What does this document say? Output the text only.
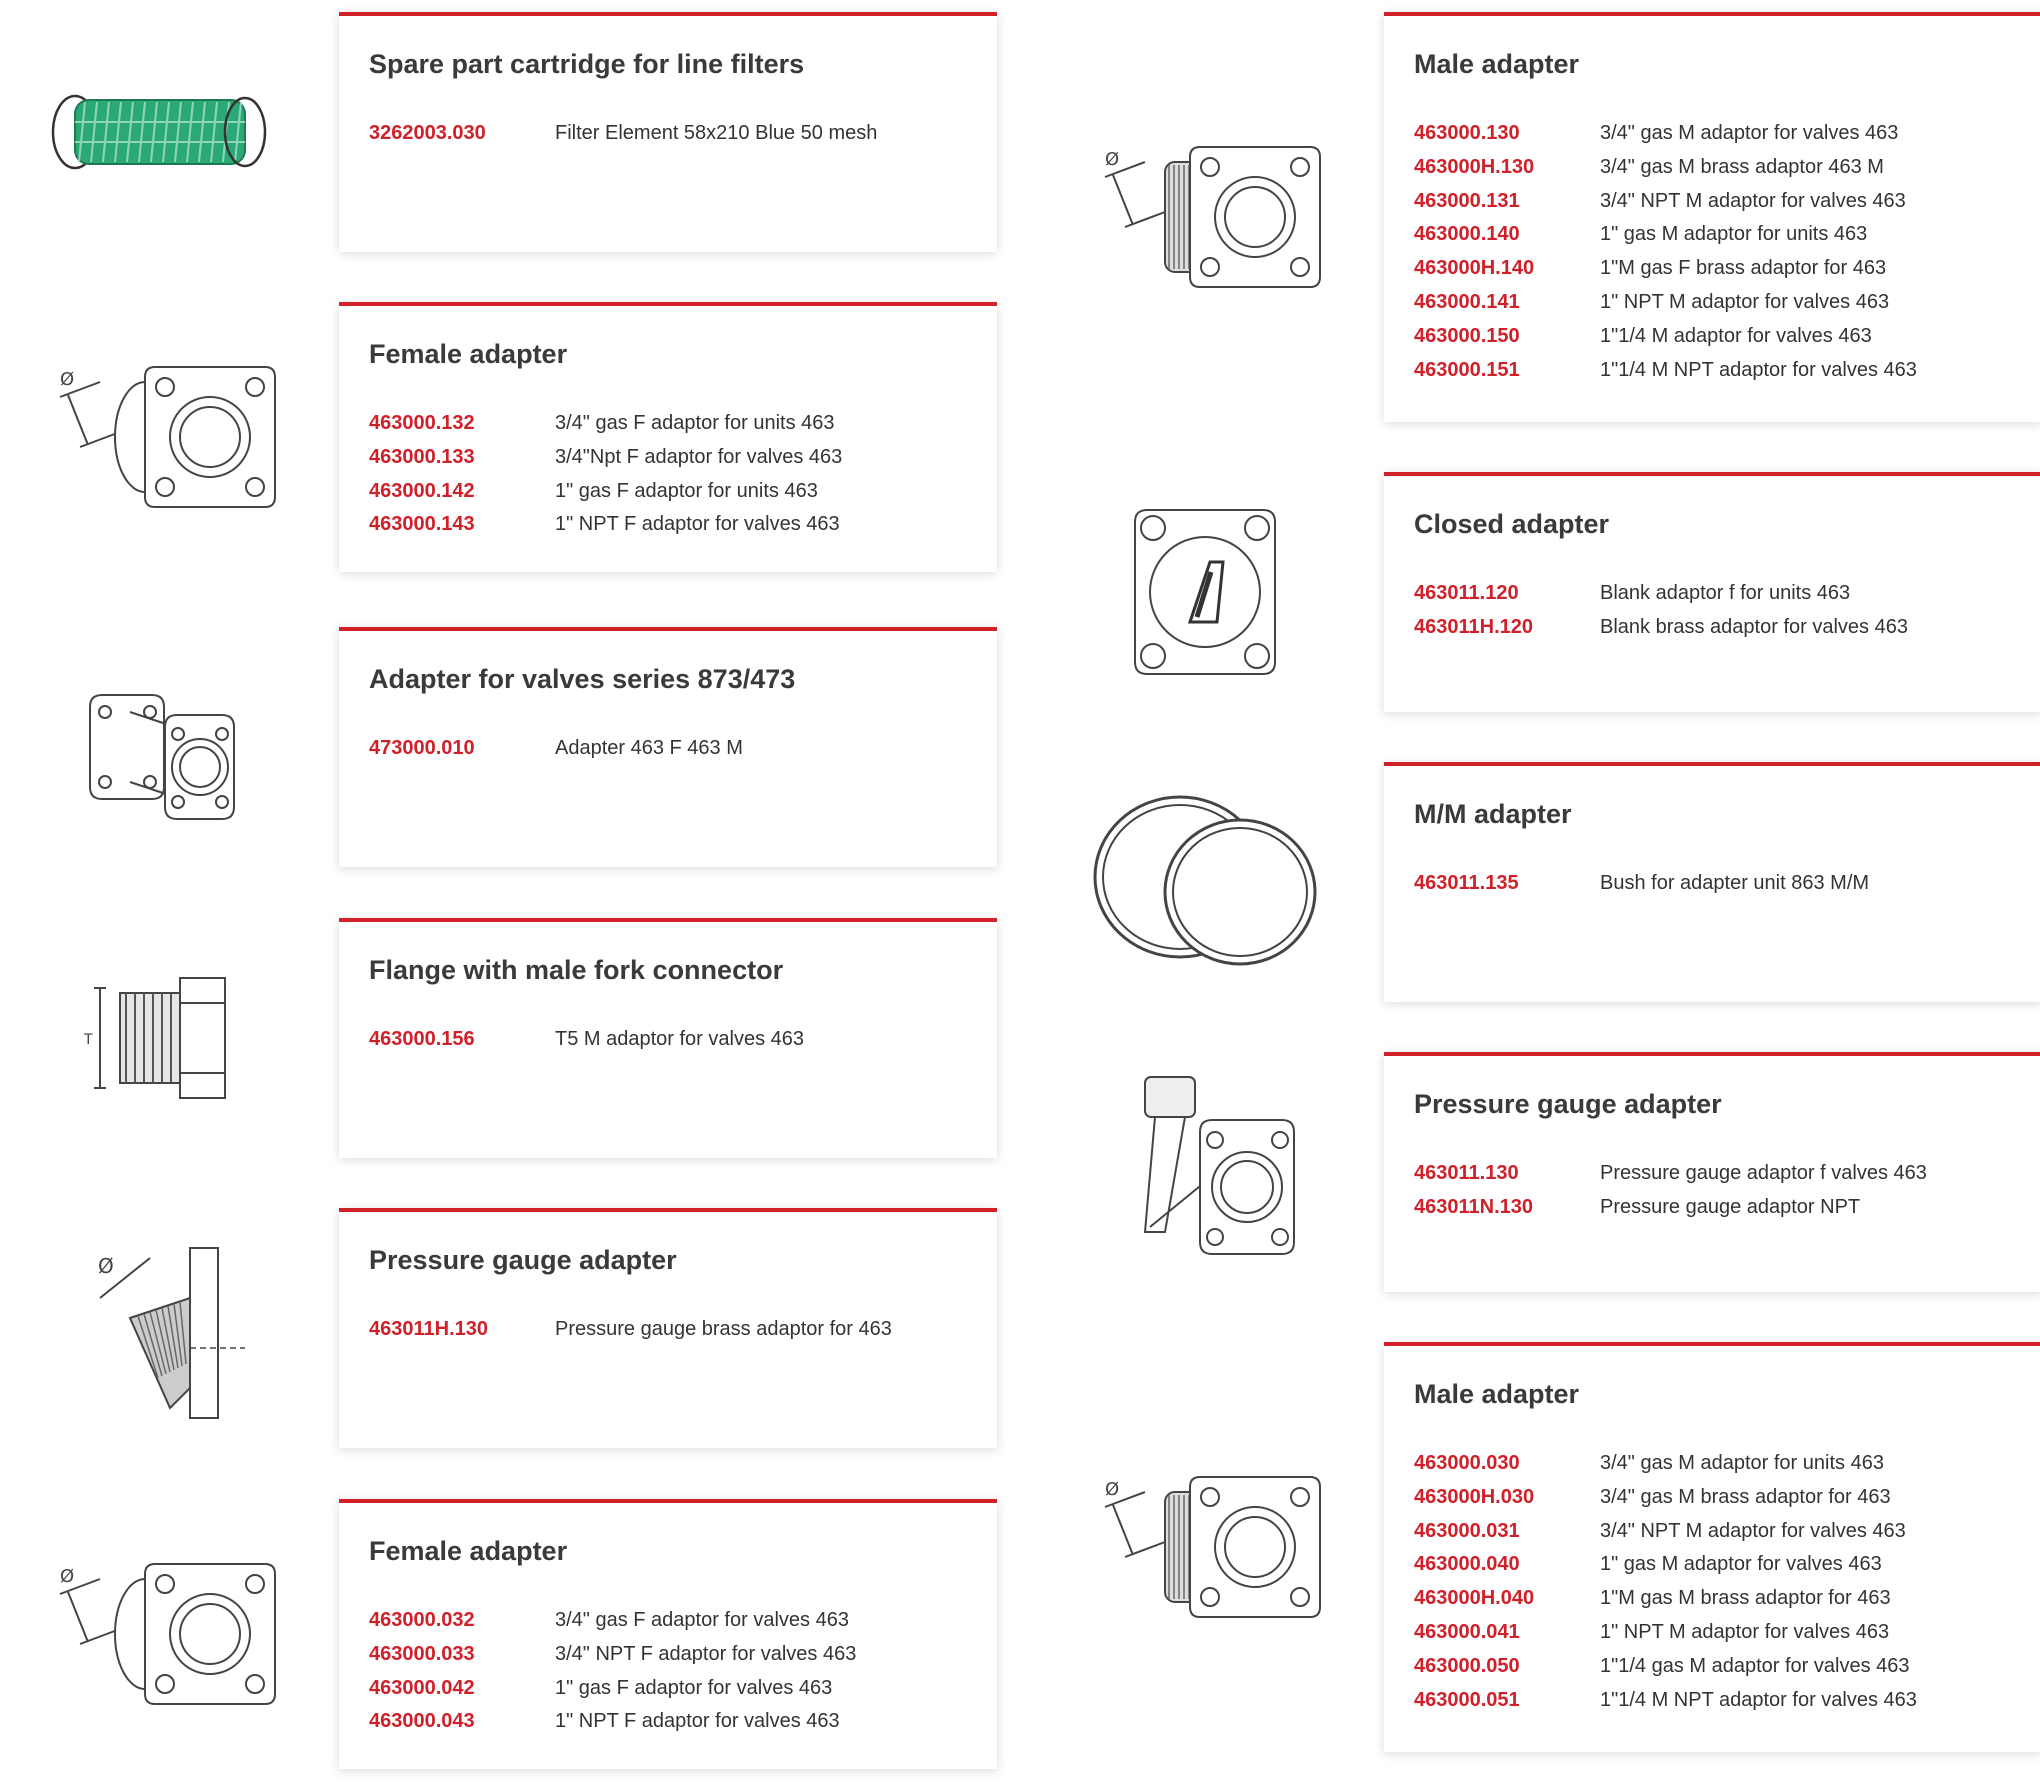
Spare part cartridge for line filters
3262003.030	Filter Element 58x210 Blue 50 mesh
Ø
Female adapter
463000.132	3/4" gas F adaptor for units 463
463000.133	3/4"Npt F adaptor for valves 463
463000.142	1" gas F adaptor for units 463
463000.143	1" NPT F adaptor for valves 463
Adapter for valves series 873/473
473000.010	Adapter 463 F 463 M
T
Flange with male fork connector
463000.156	T5 M adaptor for valves 463
Ø	Pressure gauge adapter
463011H.130	Pressure gauge brass adaptor for 463
Ø
Female adapter
463000.032	3/4" gas F adaptor for valves 463
463000.033	3/4" NPT F adaptor for valves 463
463000.042	1" gas F adaptor for valves 463
463000.043	1" NPT F adaptor for valves 463
Ø
Male adapter
463000.130	3/4" gas M adaptor for valves 463
463000H.130	3/4" gas M brass adaptor 463 M
463000.131	3/4" NPT M adaptor for valves 463
463000.140	1" gas M adaptor for units 463
463000H.140	1"M gas F brass adaptor for 463
463000.141	1" NPT M adaptor for valves 463
463000.150	1"1/4 M adaptor for valves 463
463000.151	1"1/4 M NPT adaptor for valves 463
Closed adapter
463011.120	Blank adaptor f for units 463
463011H.120	Blank brass adaptor for valves 463
M/M adapter
463011.135	Bush for adapter unit 863 M/M
Pressure gauge adapter
463011.130	Pressure gauge adaptor f valves 463
463011N.130	Pressure gauge adaptor NPT
Ø
Male adapter
463000.030	3/4" gas M adaptor for units 463
463000H.030	3/4" gas M brass adaptor for 463
463000.031	3/4" NPT M adaptor for valves 463
463000.040	1" gas M adaptor for valves 463
463000H.040	1"M gas M brass adaptor for 463
463000.041	1" NPT M adaptor for valves 463
463000.050	1"1/4 gas M adaptor for valves 463
463000.051	1"1/4 M NPT adaptor for valves 463
